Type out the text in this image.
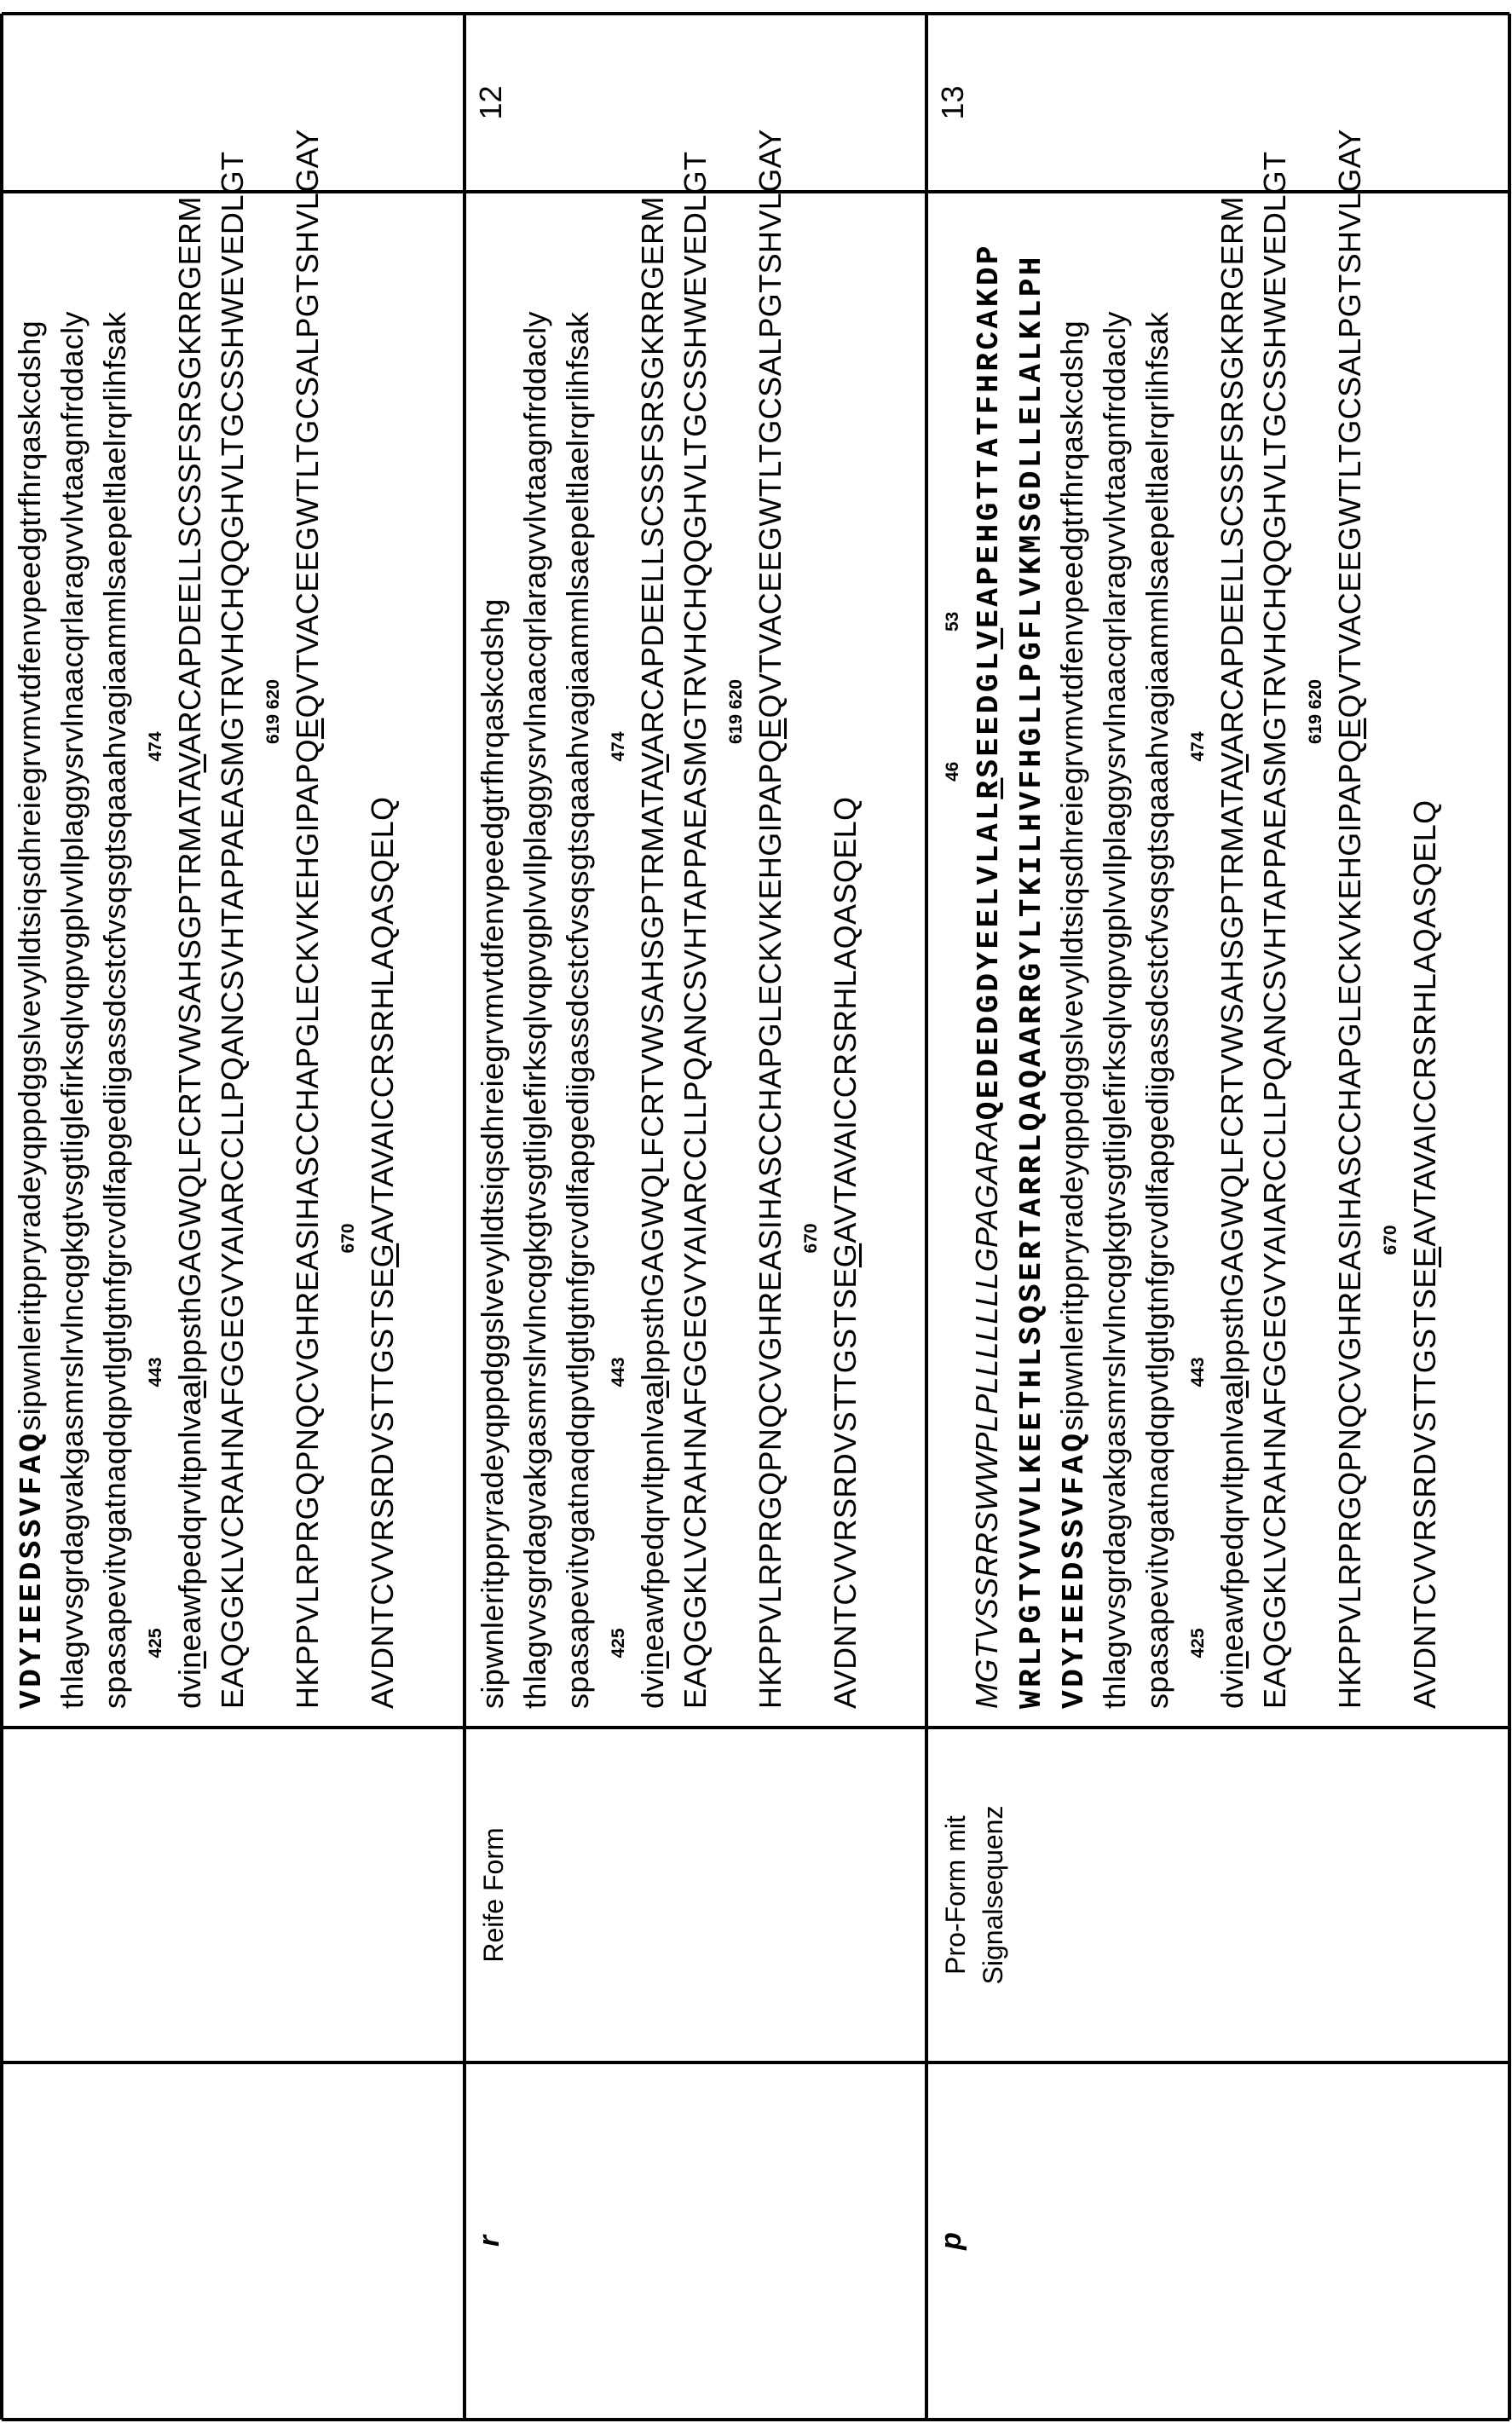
VDYIEEDSSVFAQsipwnleritppryradeyqppdggslvevylldtsiqsdhreiegrvmvtdfenvpeedgtrfhrqaskcdshg thlagvvsgrdagvakgasmrslrvlncqgkgtvsgtliglefirksqlvqpvgplvvllplaggysrvlnaacqrlaragvvlvtaagnfrddacly spasapevitvgatnaqdqpvtlgtlgtnfgrcvdlfapgediigassdcstcfvsqsgtsqaaahvagiaammlsaepeltlaelrqrlihfsak 425
443
474
dvineawfpedqrvltpnlvaalppsthGAGWQLFCRTVWSAHSGPTRMATAVARCAPDEELLSCSSFSRSGKRRGERM EAQGGKLVCRAHNAFGGEGVYAIARCCLLPQANCSVHTAPPAEASMGTRVHCHQQGHVLTGCSSHWEVEDLGT 619 620
HKPPVLRPRGQPNQCVGHREASIHASCCHAPGLECKVKEHGIPAPQEQVTVACEEGWTLTGCSALPGTSHVLGAY
670
AVDNTCVVRSRDVSTTGSTSEGAVTAVAICCRSRHLAQASQELQ
r
Reife Form
sipwnleritppryradeyqppdggslvevylldtsiqsdhreiegrvmvtdfenvpeedgtrfhrqaskcdshg thlagvvsgrdagvakgasmrslrvlncqgkgtvsgtliglefirksqlvqpvgplvvllplaggysrvlnaacqrlaragvvlvtaagnfrddacly spasapevitvgatnaqdqpvtlgtlgtnfgrcvdlfapgediigassdcstcfvsqsgtsqaaahvagiaammlsaepeltlaelrqrlihfsak 425
443
474
dvineawfpedqrvltpnlvaalppsthGAGWQLFCRTVWSAHSGPTRMATAVARCAPDEELLSCSSFSRSGKRRGERM EAQGGKLVCRAHNAFGGEGVYAIARCCLLPQANCSVHTAPPAEASMGTRVHCHQQGHVLTGCSSHWEVEDLGT 619 620
HKPPVLRPRGQPNQCVGHREASIHASCCHAPGLECKVKEHGIPAPQEQVTVACEEGWTLTGCSALPGTSHVLGAY
670
AVDNTCVVRSRDVSTTGSTSEGAVTAVAICCRSRHLAQASQELQ
12
p
Pro-Form mit Signalsequenz
46
53
MGTVSSRRSWWPLPLLLLLLLGPAGARAQEDEDGDYEELVLALRSEEDGLVEAPEHGTTATFHRCAKDP WRLPGTYVVVLKEETHLSQSERTARRLQAQAARRGYLTKILHVFHGLLPGFLVKMSGDLLELALKLPH VDYIEEDSSVFAQsipwnleritppryradeyqppdggslvevylldtsiqsdhreiegrvmvtdfenvpeedgtrfhrqaskcdshg thlagvvsgrdagvakgasmrslrvlncqgkgtvsgtliglefirksqlvqpvgplvvllplaggysrvlnaacqrlaragvvlvtaagnfrddacly spasapevitvgatnaqdqpvtlgtlgtnfgrcvdlfapgediigassdcstcfvsqsgtsqaaahvagiaammlsaepeltlaelrqrlihfsak 425
443
474
dvineawfpedqrvltpnlvaalppsthGAGWQLFCRTVWSAHSGPTRMATAVARCAPDEELLSCSSFSRSGKRRGERM EAQGGKLVCRAHNAFGGEGVYAIARCCLLPQANCSVHTAPPAEASMGTRVHCHQQGHVLTGCSSHWEVEDLGT 619 620
HKPPVLRPRGQPNQCVGHREASIHASCCHAPGLECKVKEHGIPAPQEQVTVACEEGWTLTGCSALPGTSHVLGAY
670
AVDNTCVVRSRDVSTTGSTSEEAVTAVAICCRSRHLAQASQELQ
13
